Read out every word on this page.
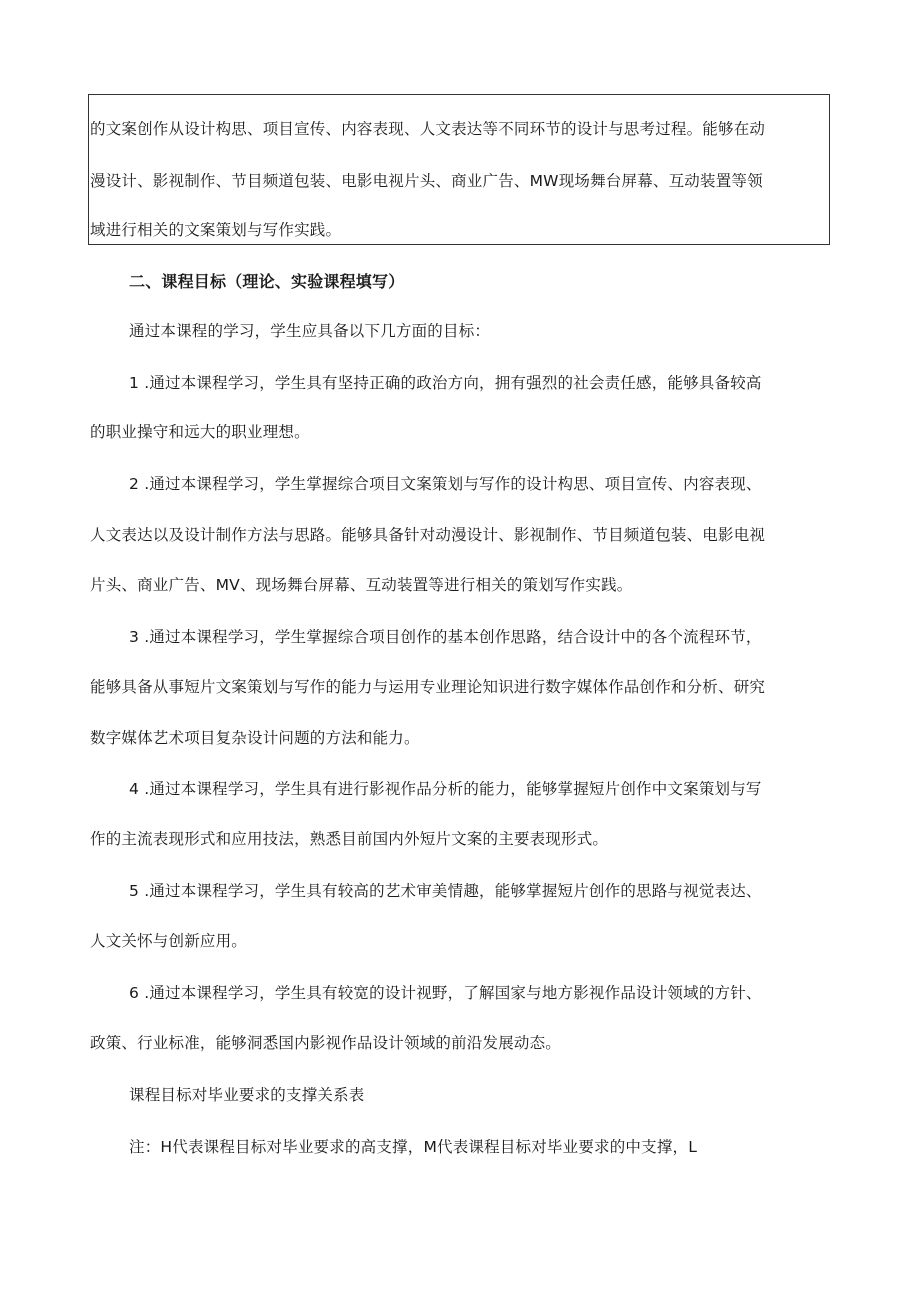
的文案创作从设计构思、项目宣传、内容表现、人文表达等不同环节的设计与思考过程。能够在动
漫设计、影视制作、节目频道包装、电影电视片头、商业广告、MW现场舞台屏幕、互动装置等领
域进行相关的文案策划与写作实践。
二、课程目标（理论、实验课程填写）
通过本课程的学习，学生应具备以下几方面的目标：
1 .通过本课程学习，学生具有坚持正确的政治方向，拥有强烈的社会责任感，能够具备较高
的职业操守和远大的职业理想。
2 .通过本课程学习，学生掌握综合项目文案策划与写作的设计构思、项目宣传、内容表现、
人文表达以及设计制作方法与思路。能够具备针对动漫设计、影视制作、节目频道包装、电影电视
片头、商业广告、MV、现场舞台屏幕、互动装置等进行相关的策划写作实践。
3 .通过本课程学习，学生掌握综合项目创作的基本创作思路，结合设计中的各个流程环节，
能够具备从事短片文案策划与写作的能力与运用专业理论知识进行数字媒体作品创作和分析、研究
数字媒体艺术项目复杂设计问题的方法和能力。
4 .通过本课程学习，学生具有进行影视作品分析的能力，能够掌握短片创作中文案策划与写
作的主流表现形式和应用技法，熟悉目前国内外短片文案的主要表现形式。
5 .通过本课程学习，学生具有较高的艺术审美情趣，能够掌握短片创作的思路与视觉表达、
人文关怀与创新应用。
6 .通过本课程学习，学生具有较宽的设计视野，了解国家与地方影视作品设计领域的方针、
政策、行业标准，能够洞悉国内影视作品设计领域的前沿发展动态。
课程目标对毕业要求的支撑关系表
注：H代表课程目标对毕业要求的高支撑，M代表课程目标对毕业要求的中支撑，L
